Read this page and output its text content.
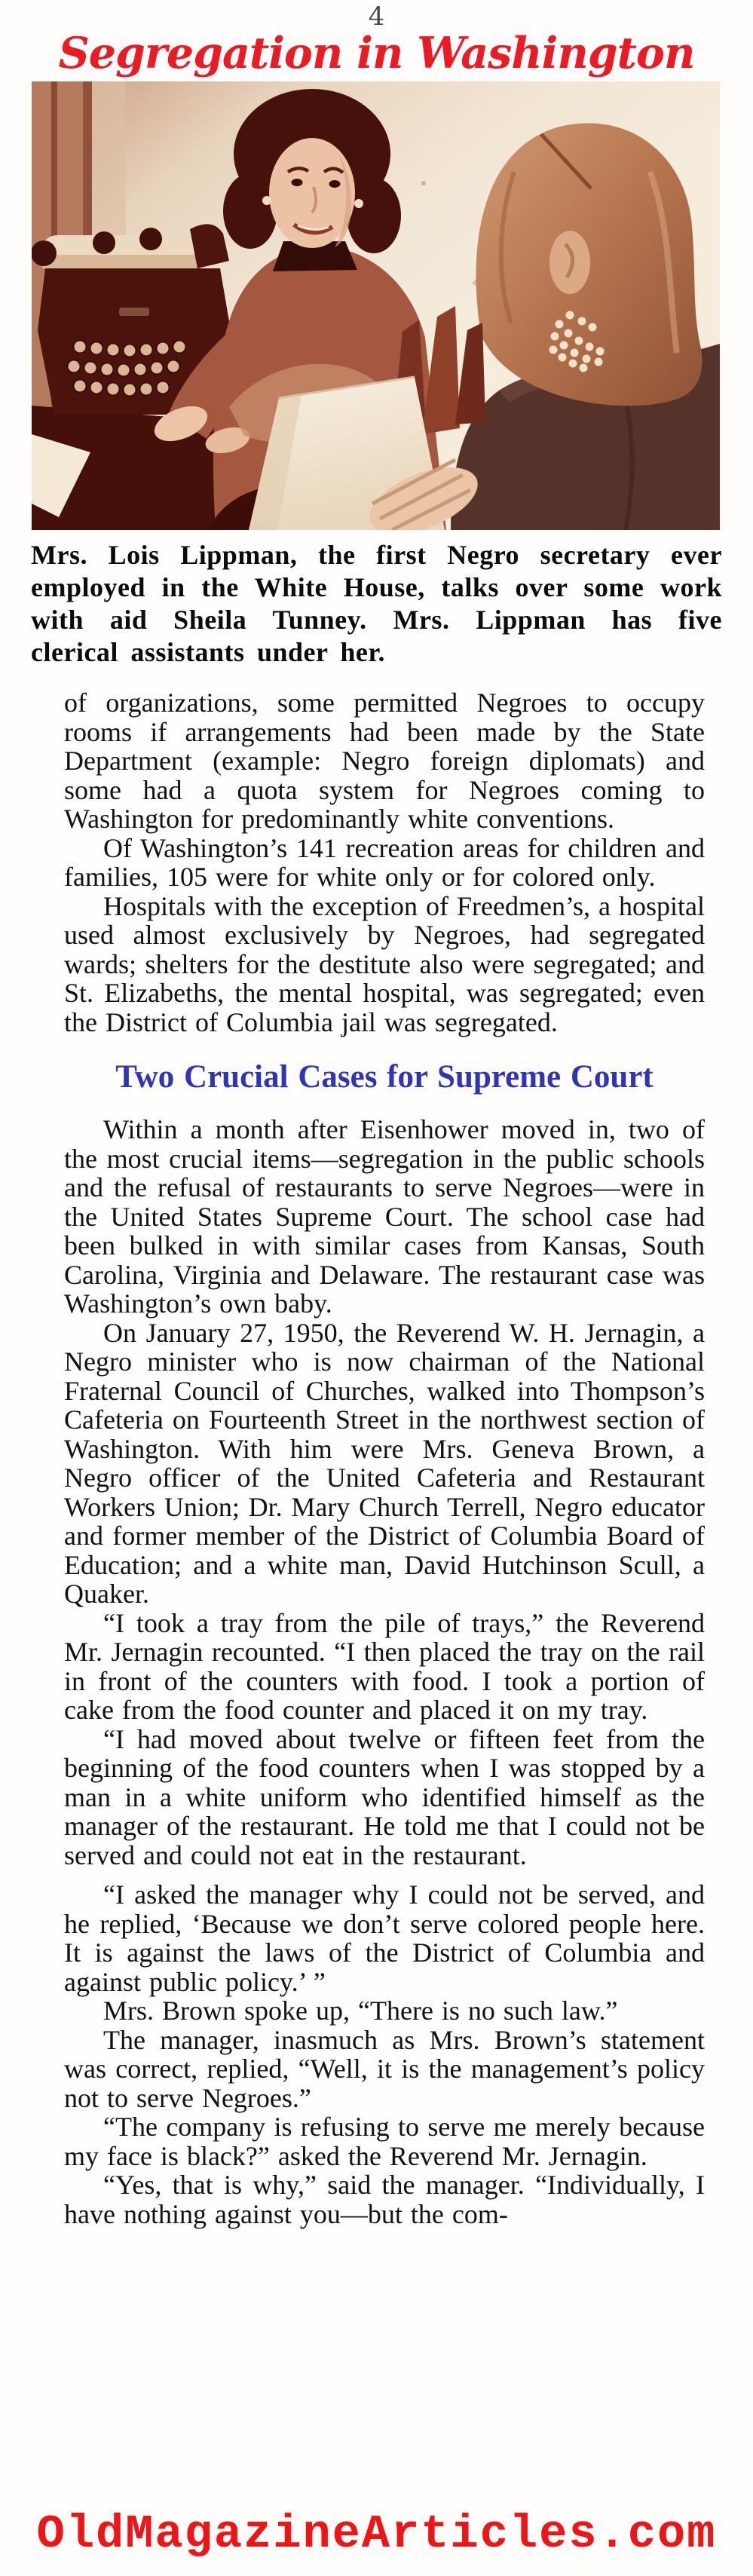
4
Segregation in Washington

Mrs. Lois Lippman, the first Negro secretary ever employed in the White House, talks over some work with aid Sheila Tunney. Mrs. Lippman has five clerical assistants under her.

of organizations, some permitted Negroes to occupy rooms if arrangements had been made by the State Department (example: Negro foreign diplomats) and some had a quota system for Negroes coming to Washington for predominantly white conventions.

Of Washington’s 141 recreation areas for children and families, 105 were for white only or for colored only.

Hospitals with the exception of Freedmen’s, a hospital used almost exclusively by Negroes, had segregated wards; shelters for the destitute also were segregated; and St. Elizabeths, the mental hospital, was segregated; even the District of Columbia jail was segregated.

Two Crucial Cases for Supreme Court

Within a month after Eisenhower moved in, two of the most crucial items—segregation in the public schools and the refusal of restaurants to serve Negroes—were in the United States Supreme Court. The school case had been bulked in with similar cases from Kansas, South Carolina, Virginia and Delaware. The restaurant case was Washington’s own baby.

On January 27, 1950, the Reverend W. H. Jernagin, a Negro minister who is now chairman of the National Fraternal Council of Churches, walked into Thompson’s Cafeteria on Fourteenth Street in the northwest section of Washington. With him were Mrs. Geneva Brown, a Negro officer of the United Cafeteria and Restaurant Workers Union; Dr. Mary Church Terrell, Negro educator and former member of the District of Columbia Board of Education; and a white man, David Hutchinson Scull, a Quaker.

“I took a tray from the pile of trays,” the Reverend Mr. Jernagin recounted. “I then placed the tray on the rail in front of the counters with food. I took a portion of cake from the food counter and placed it on my tray.

“I had moved about twelve or fifteen feet from the beginning of the food counters when I was stopped by a man in a white uniform who identified himself as the manager of the restaurant. He told me that I could not be served and could not eat in the restaurant.

“I asked the manager why I could not be served, and he replied, ‘Because we don’t serve colored people here. It is against the laws of the District of Columbia and against public policy.’ ”

Mrs. Brown spoke up, “There is no such law.”

The manager, inasmuch as Mrs. Brown’s statement was correct, replied, “Well, it is the management’s policy not to serve Negroes.”

“The company is refusing to serve me merely because my face is black?” asked the Reverend Mr. Jernagin.

“Yes, that is why,” said the manager. “Individually, I have nothing against you—but the com-

OldMagazineArticles.com
